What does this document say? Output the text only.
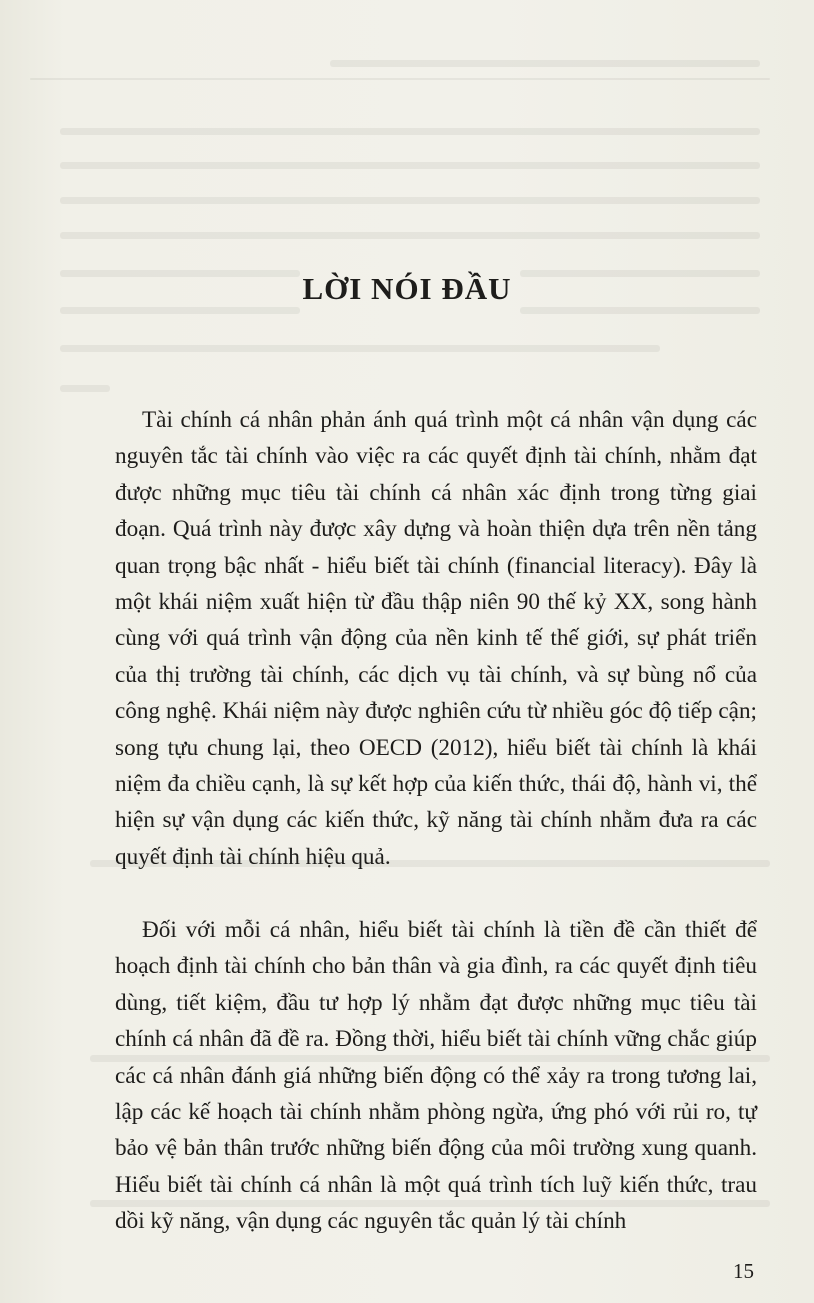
LỜI NÓI ĐẦU

Tài chính cá nhân phản ánh quá trình một cá nhân vận dụng các nguyên tắc tài chính vào việc ra các quyết định tài chính, nhằm đạt được những mục tiêu tài chính cá nhân xác định trong từng giai đoạn. Quá trình này được xây dựng và hoàn thiện dựa trên nền tảng quan trọng bậc nhất - hiểu biết tài chính (financial literacy). Đây là một khái niệm xuất hiện từ đầu thập niên 90 thế kỷ XX, song hành cùng với quá trình vận động của nền kinh tế thế giới, sự phát triển của thị trường tài chính, các dịch vụ tài chính, và sự bùng nổ của công nghệ. Khái niệm này được nghiên cứu từ nhiều góc độ tiếp cận; song tựu chung lại, theo OECD (2012), hiểu biết tài chính là khái niệm đa chiều cạnh, là sự kết hợp của kiến thức, thái độ, hành vi, thể hiện sự vận dụng các kiến thức, kỹ năng tài chính nhằm đưa ra các quyết định tài chính hiệu quả.

Đối với mỗi cá nhân, hiểu biết tài chính là tiền đề cần thiết để hoạch định tài chính cho bản thân và gia đình, ra các quyết định tiêu dùng, tiết kiệm, đầu tư hợp lý nhằm đạt được những mục tiêu tài chính cá nhân đã đề ra. Đồng thời, hiểu biết tài chính vững chắc giúp các cá nhân đánh giá những biến động có thể xảy ra trong tương lai, lập các kế hoạch tài chính nhằm phòng ngừa, ứng phó với rủi ro, tự bảo vệ bản thân trước những biến động của môi trường xung quanh. Hiểu biết tài chính cá nhân là một quá trình tích luỹ kiến thức, trau dồi kỹ năng, vận dụng các nguyên tắc quản lý tài chính

15
